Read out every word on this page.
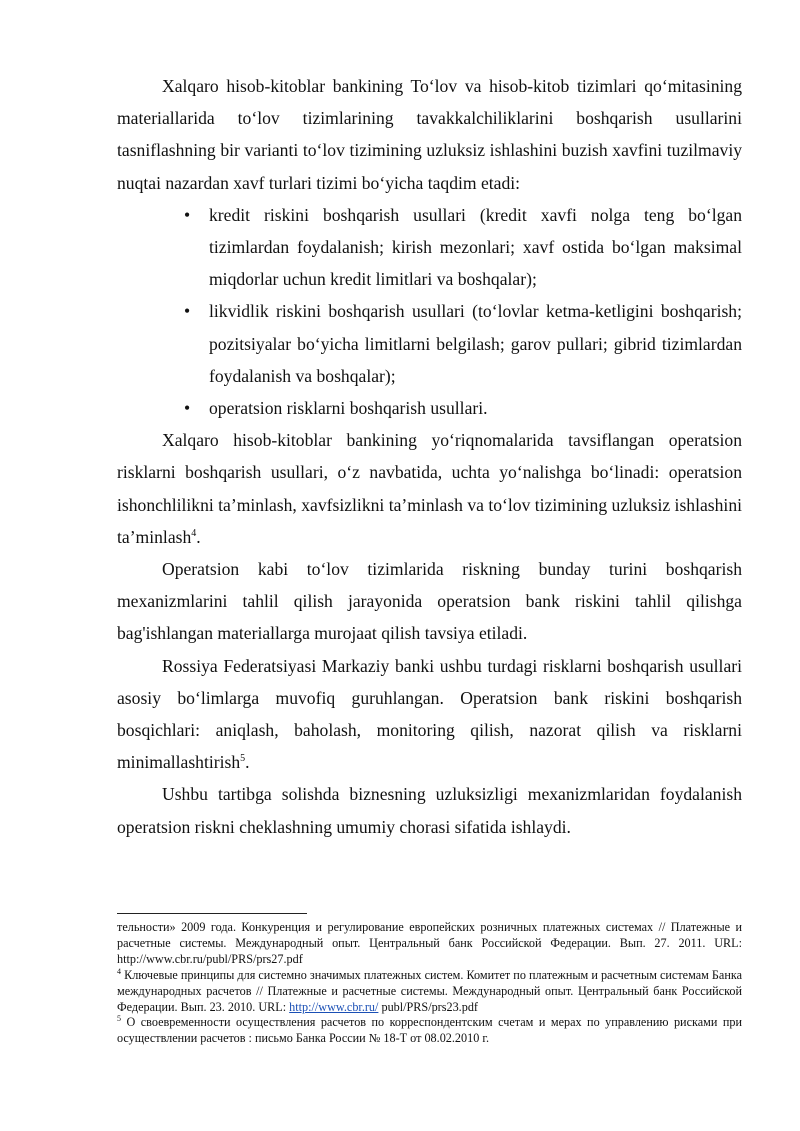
Xalqaro hisob-kitoblar bankining To‘lov va hisob-kitob tizimlari qo‘mitasining materiallarida to‘lov tizimlarining tavakkalchiliklarini boshqarish usullarini tasniflashning bir varianti to‘lov tizimining uzluksiz ishlashini buzish xavfini tuzilmaviy nuqtai nazardan xavf turlari tizimi bo‘yicha taqdim etadi:

• kredit riskini boshqarish usullari (kredit xavfi nolga teng bo‘lgan tizimlardan foydalanish; kirish mezonlari; xavf ostida bo‘lgan maksimal miqdorlar uchun kredit limitlari va boshqalar);
• likvidlik riskini boshqarish usullari (to‘lovlar ketma-ketligini boshqarish; pozitsiyalar bo‘yicha limitlarni belgilash; garov pullari; gibrid tizimlardan foydalanish va boshqalar);
• operatsion risklarni boshqarish usullari.

Xalqaro hisob-kitoblar bankining yo‘riqnomalarida tavsiflangan operatsion risklarni boshqarish usullari, o‘z navbatida, uchta yo‘nalishga bo‘linadi: operatsion ishonchlilikni ta’minlash, xavfsizlikni ta’minlash va to‘lov tizimining uzluksiz ishlashini ta’minlash$^4$.

Operatsion kabi to‘lov tizimlarida riskning bunday turini boshqarish mexanizmlarini tahlil qilish jarayonida operatsion bank riskini tahlil qilishga bag'ishlangan materiallarga murojaat qilish tavsiya etiladi.

Rossiya Federatsiyasi Markaziy banki ushbu turdagi risklarni boshqarish usullari asosiy bo‘limlarga muvofiq guruhlangan. Operatsion bank riskini boshqarish bosqichlari: aniqlash, baholash, monitoring qilish, nazorat qilish va risklarni minimallashtirish$^5$.

Ushbu tartibga solishda biznesning uzluksizligi mexanizmlaridan foydalanish operatsion riskni cheklashning umumiy chorasi sifatida ishlaydi.

тельности» 2009 года. Конкуренция и регулирование европейских розничных платежных системах // Платежные и расчетные системы. Международный опыт. Центральный банк Российской Федерации. Вып. 27. 2011. URL: http://www.cbr.ru/publ/PRS/prs27.pdf

$^4$ Ключевые принципы для системно значимых платежных систем. Комитет по платежным и расчетным системам Банка международных расчетов // Платежные и расчетные системы. Международный опыт. Центральный банк Российской Федерации. Вып. 23. 2010. URL: http://www.cbr.ru/ publ/PRS/prs23.pdf

$^5$ О своевременности осуществления расчетов по корреспондентским счетам и мерах по управлению рисками при осуществлении расчетов : письмо Банка России № 18-Т от 08.02.2010 г.
